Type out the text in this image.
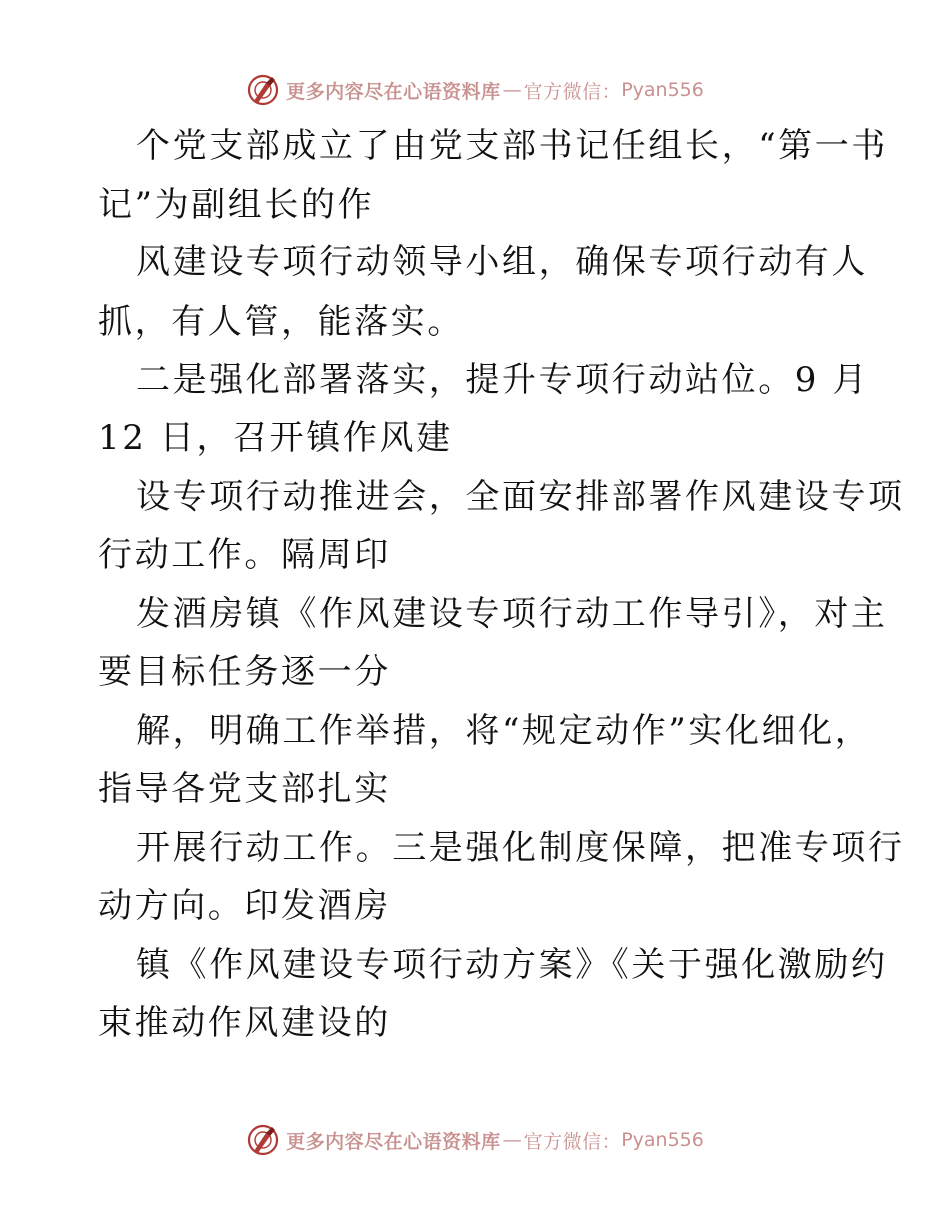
更多内容尽在心语资料库 — 官方微信： Pyan556
个党支部成立了由党支部书记任组长，“第一书
记”为副组长的作
风建设专项行动领导小组，确保专项行动有人
抓，有人管，能落实。
二是强化部署落实，提升专项行动站位。9 月
12 日，召开镇作风建
设专项行动推进会，全面安排部署作风建设专项
行动工作。隔周印
发酒房镇《作风建设专项行动工作导引》，对主
要目标任务逐一分
解，明确工作举措，将“规定动作”实化细化，
指导各党支部扎实
开展行动工作。三是强化制度保障，把准专项行
动方向。印发酒房
镇《作风建设专项行动方案》《关于强化激励约
束推动作风建设的
更多内容尽在心语资料库 — 官方微信： Pyan556
